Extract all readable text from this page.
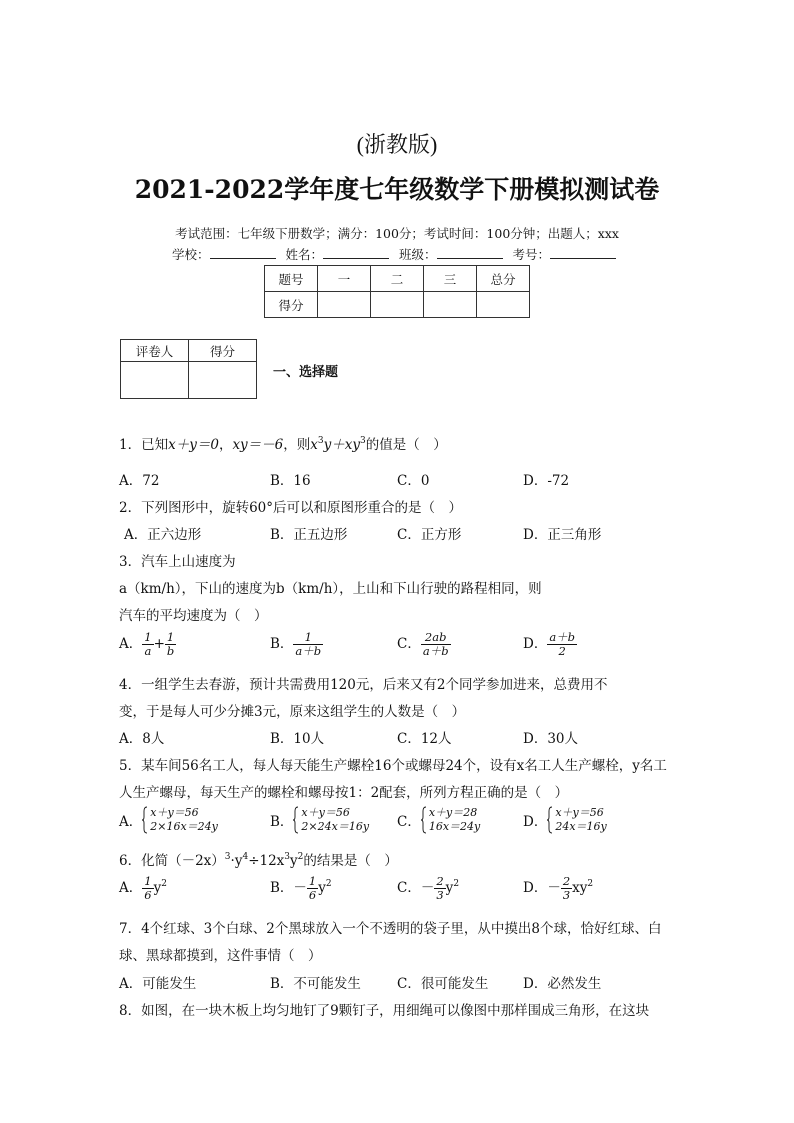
(浙教版)
2021-2022学年度七年级数学下册模拟测试卷
考试范围：七年级下册数学；满分：100分；考试时间：100分钟；出题人；xxx
学校：	姓名：	班级：	考号：
题号	一	二	三	总分
得分				
评卷人	得分

一、选择题
1．已知x＋y＝0，xy＝－6，则$x^3y+xy^3$的值是（　）
A．72	B．16	C．0	D．-72
2．下列图形中，旋转60°后可以和原图形重合的是（　）
A．正六边形	B．正五边形	C．正方形	D．正三角形
3．汽车上山速度为
a（km/h），下山的速度为b（km/h），上山和下山行驶的路程相同，则
汽车的平均速度为（　）
A． $\frac{1}{a} + \frac{1}{b}$	B． $\frac{1}{a+b}$	C． $\frac{2ab}{a+b}$	D． $\frac{a+b}{2}$
4．一组学生去春游，预计共需费用120元，后来又有2个同学参加进来，总费用不
变，于是每人可少分摊3元，原来这组学生的人数是（　）
A．8人	B．10人	C．12人	D．30人
5．某车间56名工人，每人每天能生产螺栓16个或螺母24个，设有x名工人生产螺栓，y名工
人生产螺母，每天生产的螺栓和螺母按1：2配套，所列方程正确的是（　）
A．
x＋y＝56
2×16x＝24y	B．
x＋y＝56
2×24x＝16y C．
x＋y＝28
16x＝24y	D．
x＋y＝56
24x＝16y
6．化简$(-2x)^3\cdot y^4\div 12x^3y^2$的结果是（　）
A． $\frac{1}{6} y^2$	B．－ $\frac{1}{6} y^2$	C．－ $\frac{2}{3} y^2$	D．－ $\frac{2}{3} xy^2$
7．4个红球、3个白球、2个黑球放入一个不透明的袋子里，从中摸出8个球，恰好红球、白
球、黑球都摸到，这件事情（　）
A．可能发生	B．不可能发生	C．很可能发生	D．必然发生
8．如图，在一块木板上均匀地钉了9颗钉子，用细绳可以像图中那样围成三角形，在这块
